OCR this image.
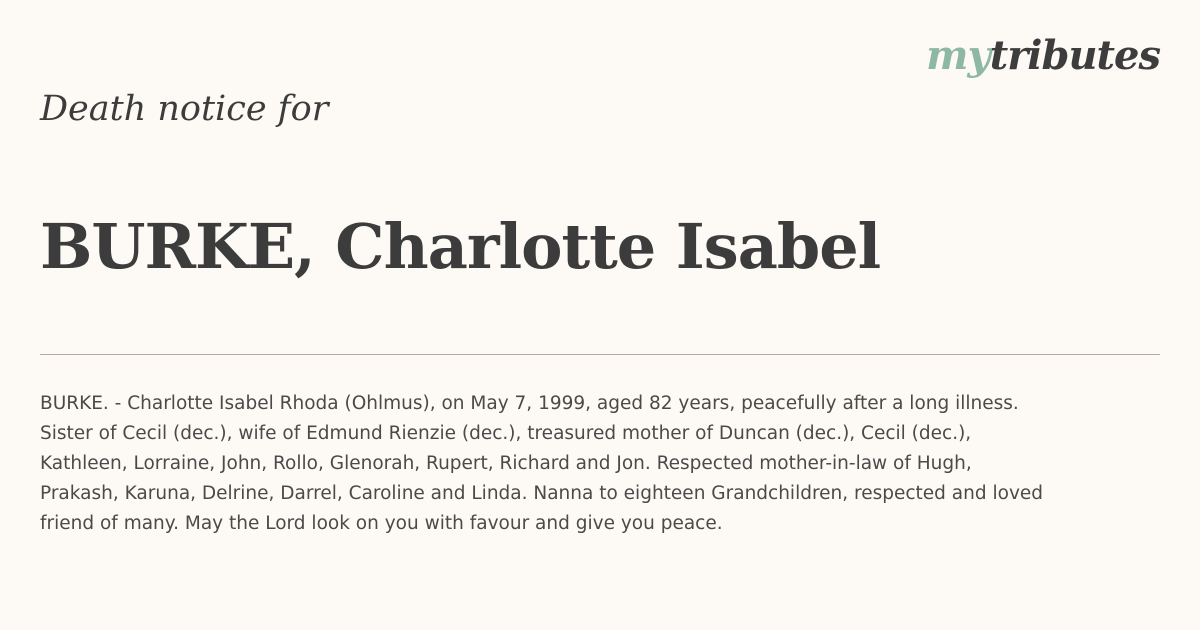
mytributes
Death notice for
BURKE, Charlotte Isabel

BURKE. - Charlotte Isabel Rhoda (Ohlmus), on May 7, 1999, aged 82 years, peacefully after a long illness.
Sister of Cecil (dec.), wife of Edmund Rienzie (dec.), treasured mother of Duncan (dec.), Cecil (dec.),
Kathleen, Lorraine, John, Rollo, Glenorah, Rupert, Richard and Jon. Respected mother-in-law of Hugh,
Prakash, Karuna, Delrine, Darrel, Caroline and Linda. Nanna to eighteen Grandchildren, respected and loved
friend of many. May the Lord look on you with favour and give you peace.
